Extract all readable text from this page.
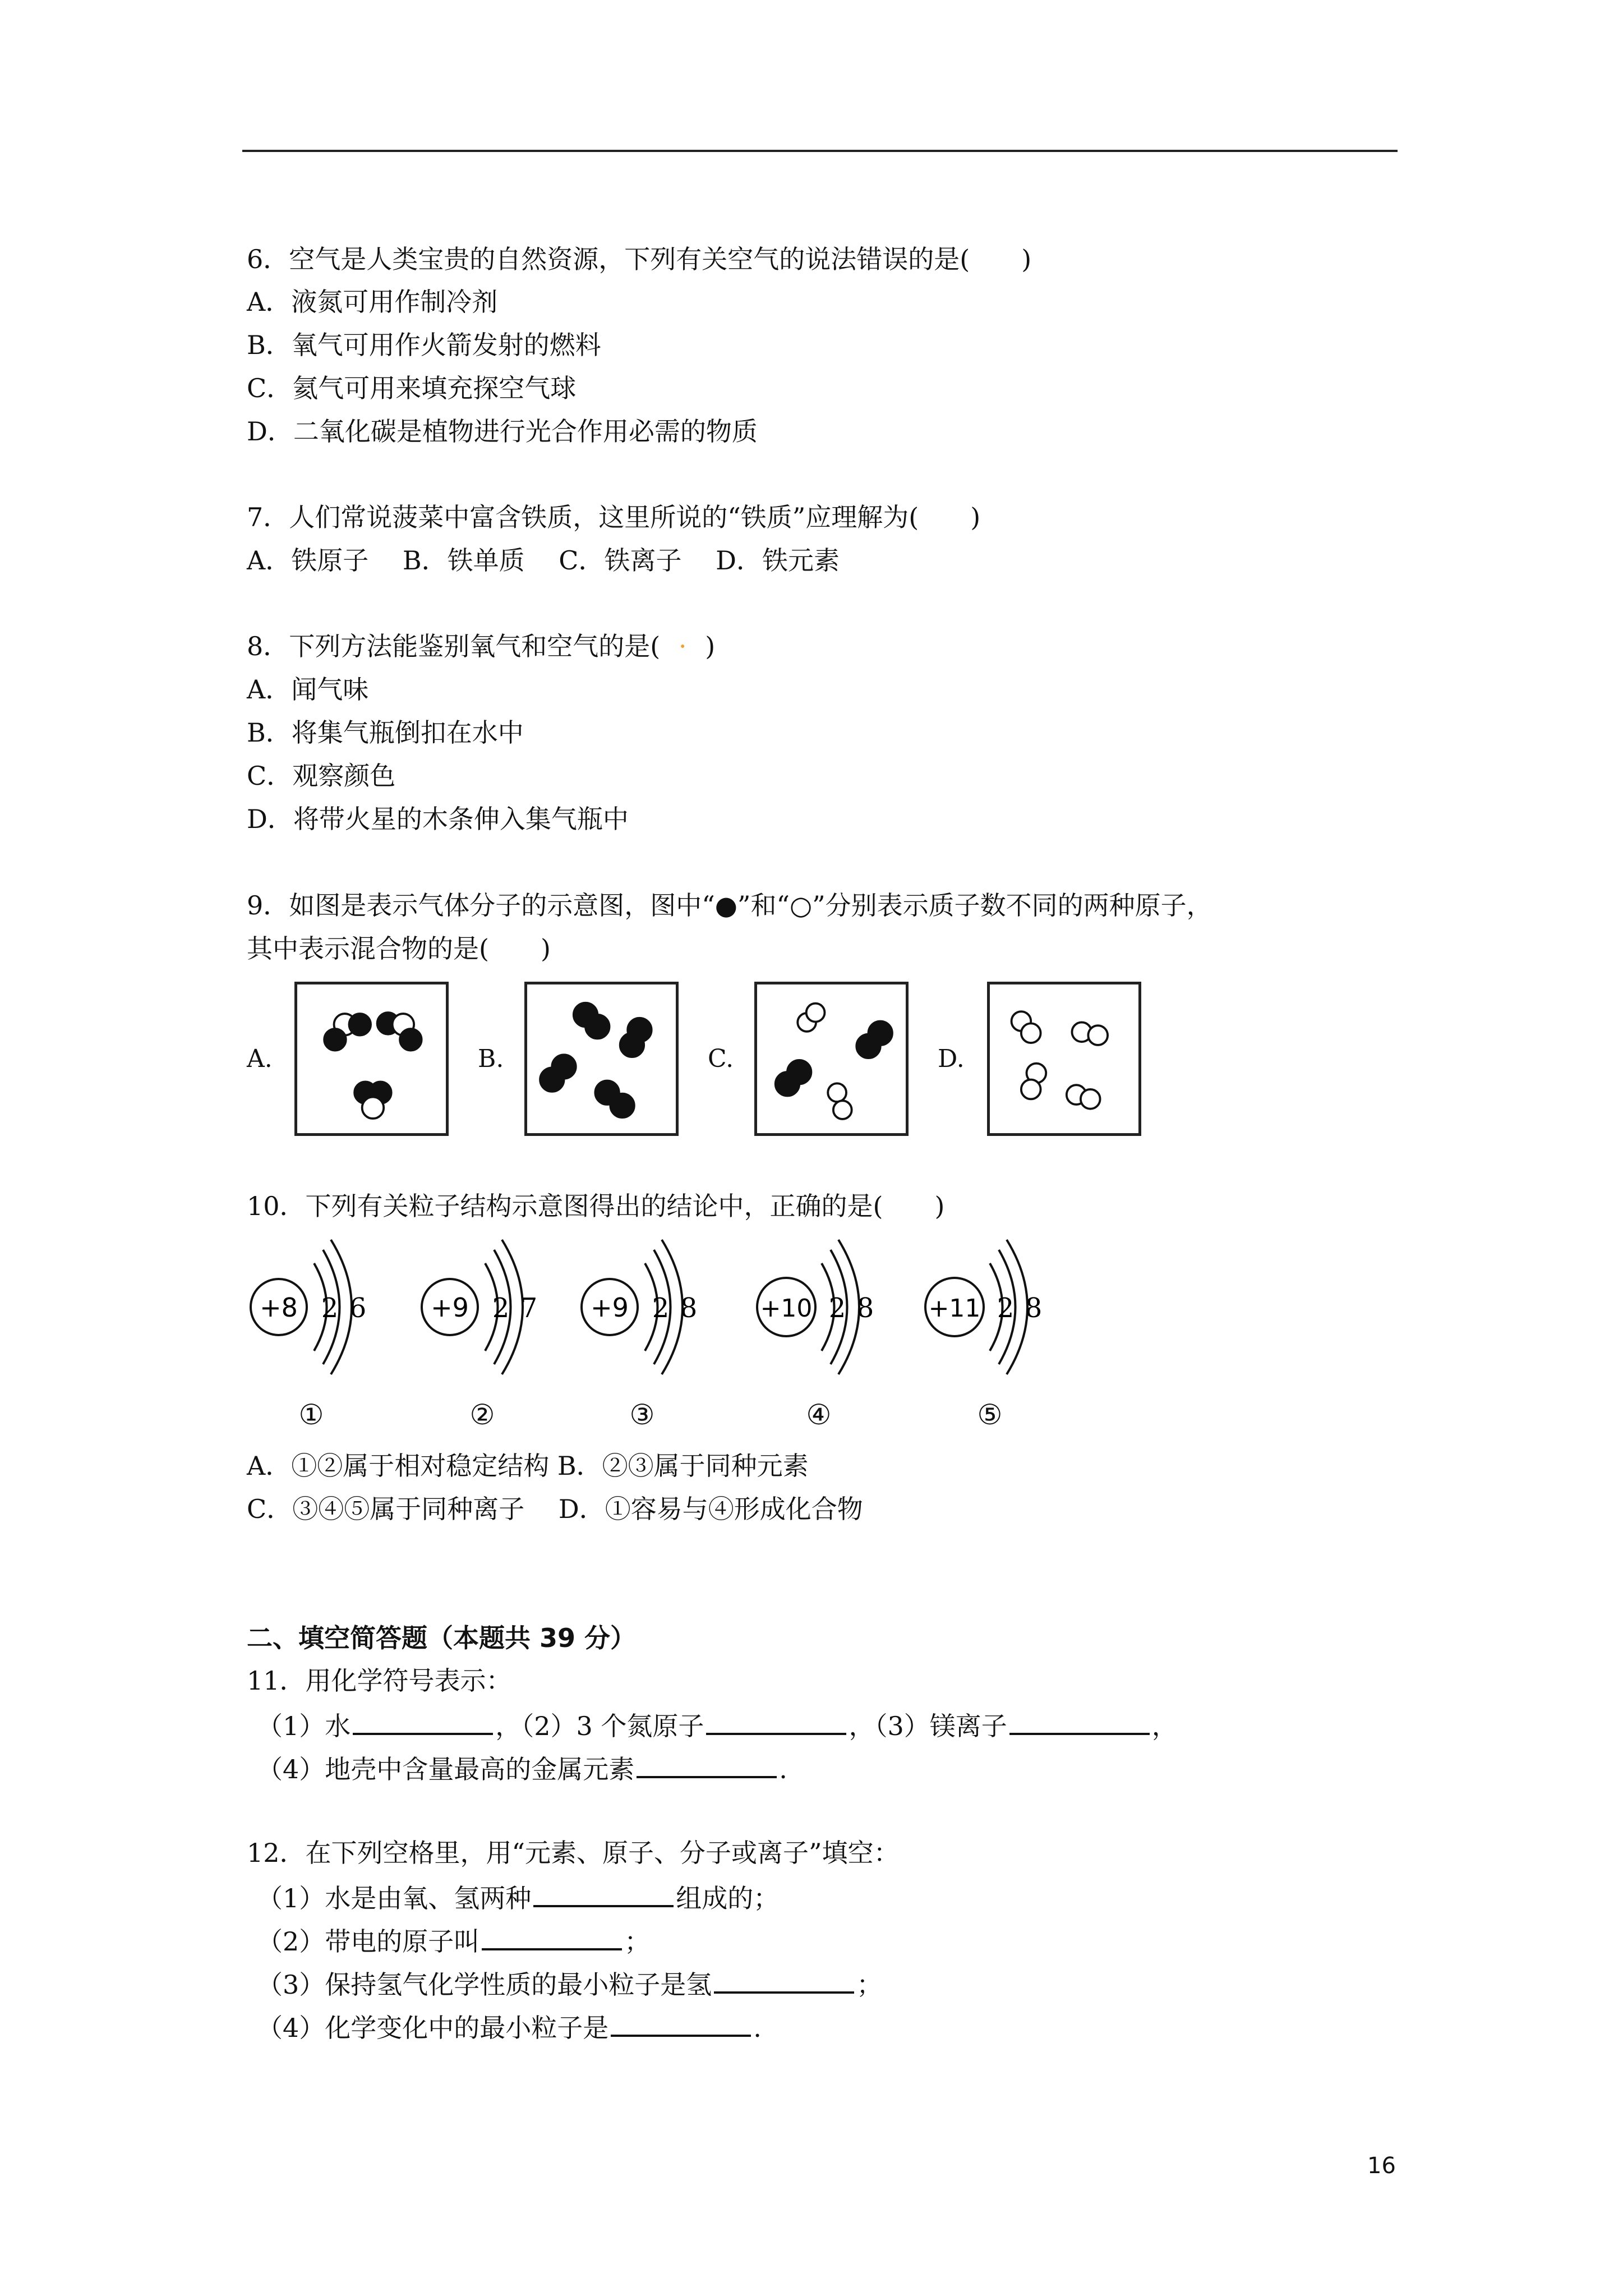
6．空气是人类宝贵的自然资源，下列有关空气的说法错误的是(　　)
A．液氮可用作制冷剂
B．氧气可用作火箭发射的燃料
C．氦气可用来填充探空气球
D．二氧化碳是植物进行光合作用必需的物质
7．人们常说菠菜中富含铁质，这里所说的“铁质”应理解为(　　)
A．铁原子　 B．铁单质　 C．铁离子　 D．铁元素
8．下列方法能鉴别氧气和空气的是( · )
A．闻气味
B．将集气瓶倒扣在水中
C．观察颜色
D．将带火星的木条伸入集气瓶中
9．如图是表示气体分子的示意图，图中“●”和“○”分别表示质子数不同的两种原子，
其中表示混合物的是(　　)
A.	B.	C.	D.
10．下列有关粒子结构示意图得出的结论中，正确的是(　　)
+8 2 6 +9 2 7 +9 2 8	+10 2 8 +11 2 8
①	②	③	④	⑤
A．①②属于相对稳定结构 B．②③属于同种元素
C．③④⑤属于同种离子　 D．①容易与④形成化合物
二、填空简答题（本题共 39 分）
11．用化学符号表示：
（1）水	，（2）3 个氮原子	，（3）镁离子	，
（4）地壳中含量最高的金属元素	.
12．在下列空格里，用“元素、原子、分子或离子”填空：
（1）水是由氧、氢两种	组成的；
（2）带电的原子叫	；
（3）保持氢气化学性质的最小粒子是氢	；
（4）化学变化中的最小粒子是	.
16
